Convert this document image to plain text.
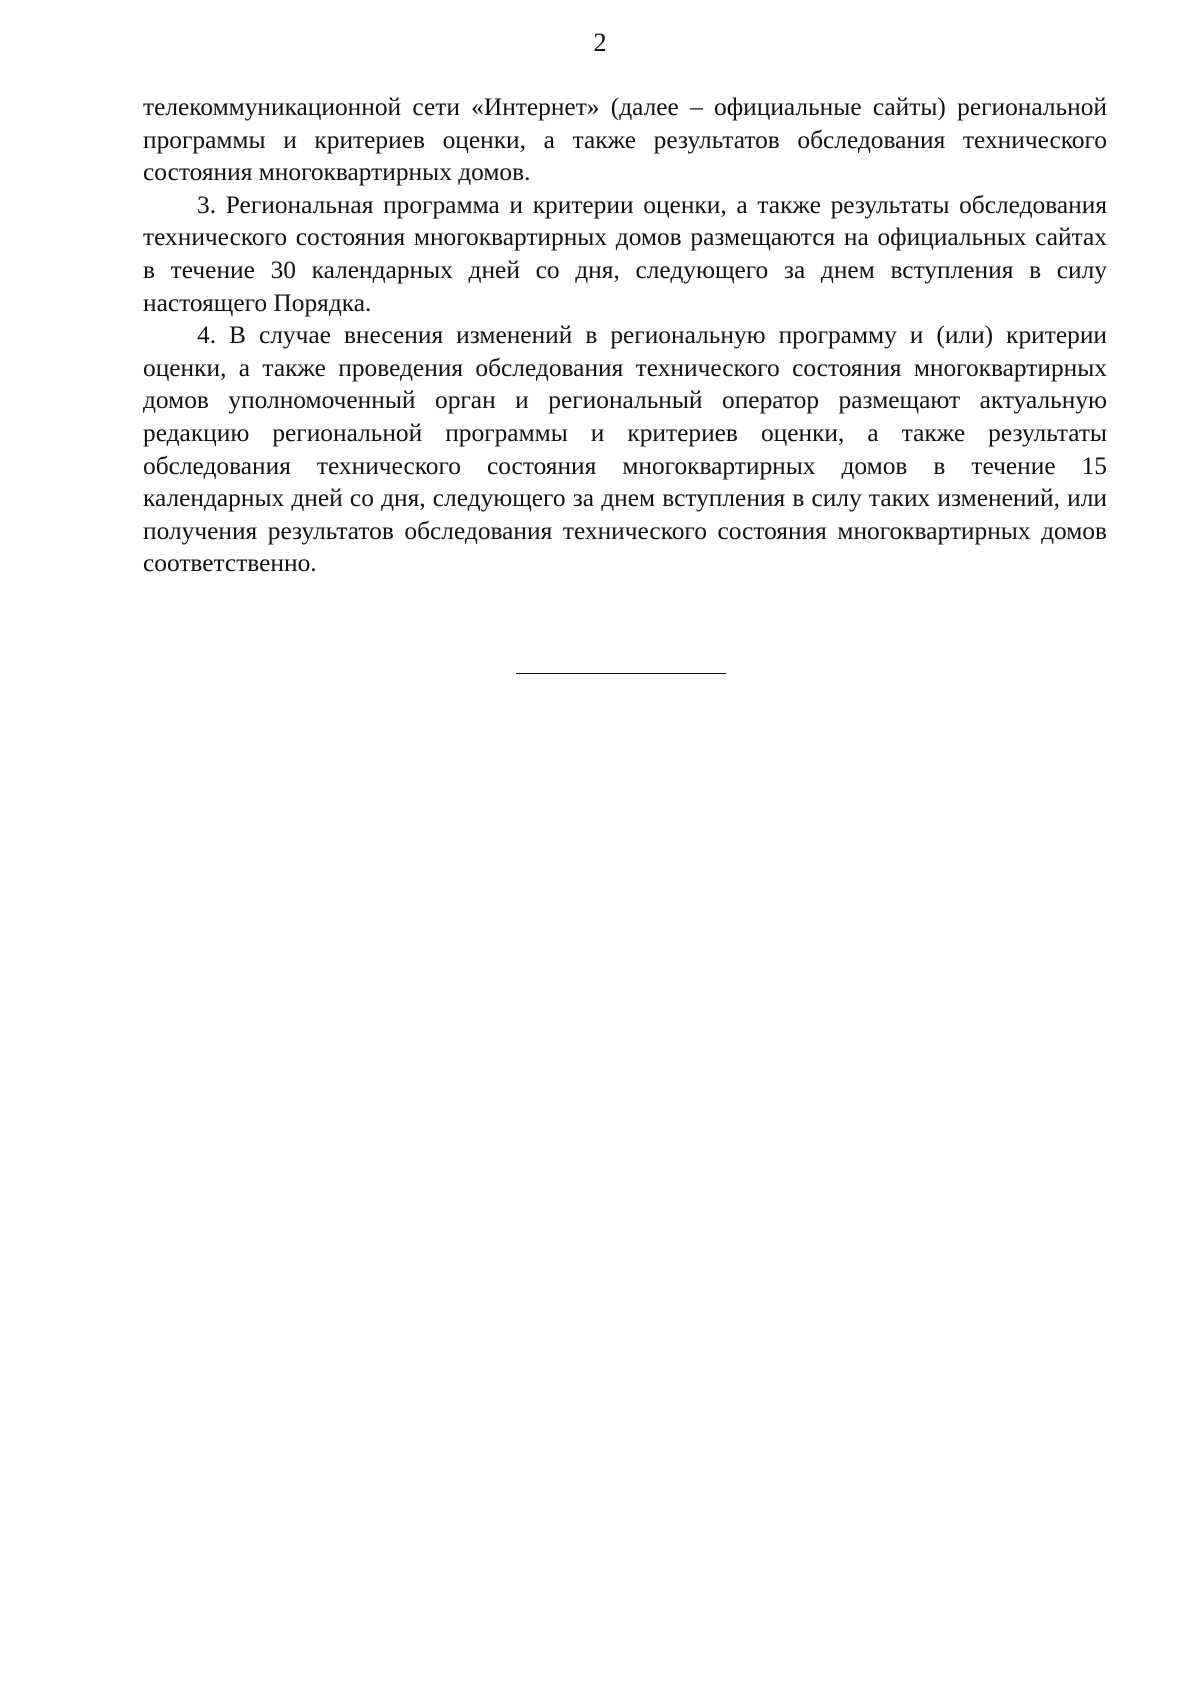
2

телекоммуникационной сети «Интернет» (далее – официальные сайты) региональной программы и критериев оценки, а также результатов обследования технического состояния многоквартирных домов.

3. Региональная программа и критерии оценки, а также результаты обследования технического состояния многоквартирных домов размещаются на официальных сайтах в течение 30 календарных дней со дня, следующего за днем вступления в силу настоящего Порядка.

4. В случае внесения изменений в региональную программу и (или) критерии оценки, а также проведения обследования технического состояния многоквартирных домов уполномоченный орган и региональный оператор размещают актуальную редакцию региональной программы и критериев оценки, а также результаты обследования технического состояния многоквартирных домов в течение 15 календарных дней со дня, следующего за днем вступления в силу таких изменений, или получения результатов обследования технического состояния многоквартирных домов соответственно.
